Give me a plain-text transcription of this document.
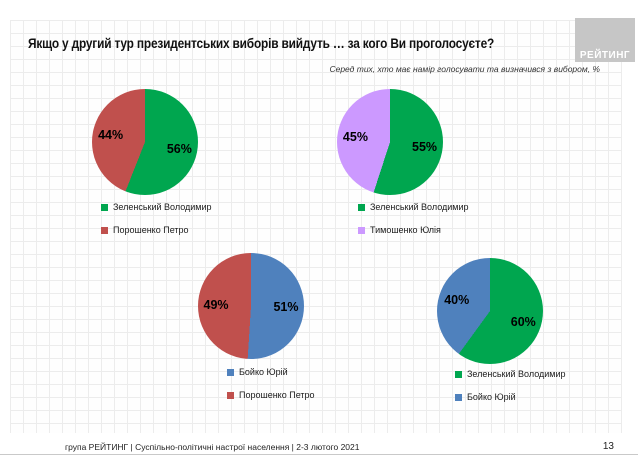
Якщо у другий тур президентських виборів вийдуть … за кого Ви проголосуєте?
Серед тих, хто має намір голосувати та визначився з вибором, %
РЕЙТИНГ
56%
44%
Зеленський Володимир
Порошенко Петро
55%
45%
Зеленський Володимир
Тимошенко Юлія
51%
49%
Бойко Юрій
Порошенко Петро
60%
40%
Зеленський Володимир
Бойко Юрій
група РЕЙТИНГ | Суспільно-політичні настрої населення | 2-3 лютого 2021	13
